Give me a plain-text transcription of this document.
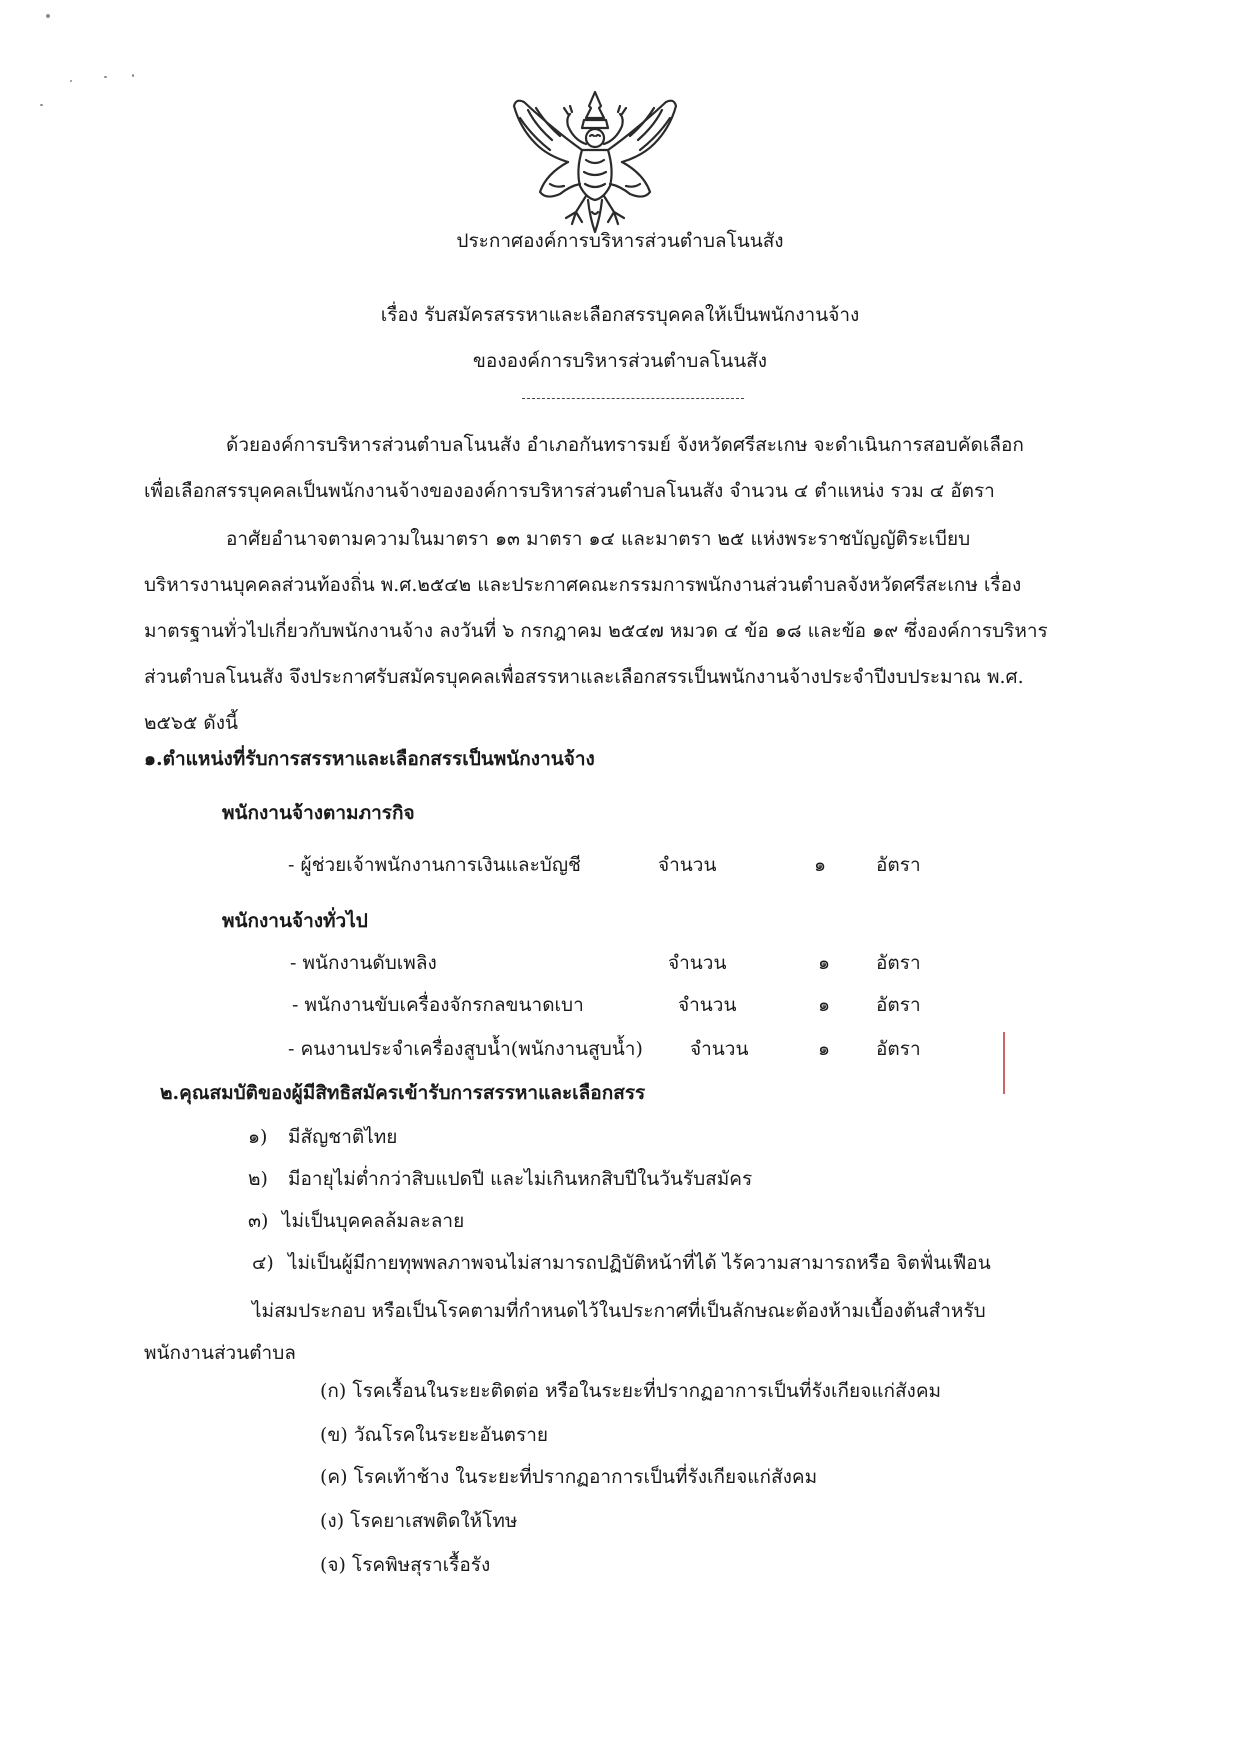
ประกาศองค์การบริหารส่วนตำบลโนนสัง
เรื่อง รับสมัครสรรหาและเลือกสรรบุคคลให้เป็นพนักงานจ้าง
ขององค์การบริหารส่วนตำบลโนนสัง
ด้วยองค์การบริหารส่วนตำบลโนนสัง อำเภอกันทรารมย์ จังหวัดศรีสะเกษ จะดำเนินการสอบคัดเลือก
เพื่อเลือกสรรบุคคลเป็นพนักงานจ้างขององค์การบริหารส่วนตำบลโนนสัง จำนวน ๔ ตำแหน่ง รวม ๔ อัตรา
อาศัยอำนาจตามความในมาตรา ๑๓ มาตรา ๑๔ และมาตรา ๒๕ แห่งพระราชบัญญัติระเบียบ
บริหารงานบุคคลส่วนท้องถิ่น พ.ศ.๒๕๔๒ และประกาศคณะกรรมการพนักงานส่วนตำบลจังหวัดศรีสะเกษ เรื่อง
มาตรฐานทั่วไปเกี่ยวกับพนักงานจ้าง ลงวันที่ ๖ กรกฎาคม ๒๕๔๗ หมวด ๔ ข้อ ๑๘ และข้อ ๑๙ ซึ่งองค์การบริหาร
ส่วนตำบลโนนสัง จึงประกาศรับสมัครบุคคลเพื่อสรรหาและเลือกสรรเป็นพนักงานจ้างประจำปีงบประมาณ พ.ศ.
๒๕๖๕ ดังนี้
๑.ตำแหน่งที่รับการสรรหาและเลือกสรรเป็นพนักงานจ้าง
พนักงานจ้างตามภารกิจ
- ผู้ช่วยเจ้าพนักงานการเงินและบัญชี	จำนวน	๑	อัตรา
พนักงานจ้างทั่วไป
- พนักงานดับเพลิง	จำนวน	๑ อัตรา
- พนักงานขับเครื่องจักรกลขนาดเบา	จำนวน	๑ อัตรา
- คนงานประจำเครื่องสูบน้ำ(พนักงานสูบน้ำ) จำนวน	๑ อัตรา
๒.คุณสมบัติของผู้มีสิทธิสมัครเข้ารับการสรรหาและเลือกสรร
๑) มีสัญชาติไทย
๒) มีอายุไม่ต่ำกว่าสิบแปดปี และไม่เกินหกสิบปีในวันรับสมัคร
๓) ไม่เป็นบุคคลล้มละลาย
๔) ไม่เป็นผู้มีกายทุพพลภาพจนไม่สามารถปฏิบัติหน้าที่ได้ ไร้ความสามารถหรือ จิตฟั่นเฟือน
ไม่สมประกอบ หรือเป็นโรคตามที่กำหนดไว้ในประกาศที่เป็นลักษณะต้องห้ามเบื้องต้นสำหรับ
พนักงานส่วนตำบล
(ก) โรคเรื้อนในระยะติดต่อ หรือในระยะที่ปรากฏอาการเป็นที่รังเกียจแก่สังคม
(ข) วัณโรคในระยะอันตราย
(ค) โรคเท้าช้าง ในระยะที่ปรากฏอาการเป็นที่รังเกียจแก่สังคม
(ง) โรคยาเสพติดให้โทษ
(จ) โรคพิษสุราเรื้อรัง
